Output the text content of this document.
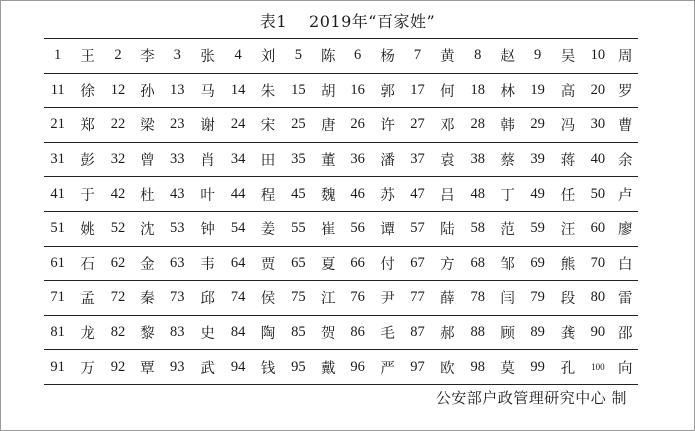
表1 2019年“百家姓”
1	王	2	李	3	张	4	刘	5	陈	6	杨	7	黄	8	赵	9	吴	10	周
11	徐	12	孙	13	马	14	朱	15	胡	16	郭	17	何	18	林	19	高	20	罗
21	郑	22	梁	23	谢	24	宋	25	唐	26	许	27	邓	28	韩	29	冯	30	曹
31	彭	32	曾	33	肖	34	田	35	董	36	潘	37	袁	38	蔡	39	蒋	40	余
41	于	42	杜	43	叶	44	程	45	魏	46	苏	47	吕	48	丁	49	任	50	卢
51	姚	52	沈	53	钟	54	姜	55	崔	56	谭	57	陆	58	范	59	汪	60	廖
61	石	62	金	63	韦	64	贾	65	夏	66	付	67	方	68	邹	69	熊	70	白
71	孟	72	秦	73	邱	74	侯	75	江	76	尹	77	薛	78	闫	79	段	80	雷
81	龙	82	黎	83	史	84	陶	85	贺	86	毛	87	郝	88	顾	89	龚	90	邵
91	万	92	覃	93	武	94	钱	95	戴	96	严	97	欧	98	莫	99	孔	100	向
公安部户政管理研究中心 制
